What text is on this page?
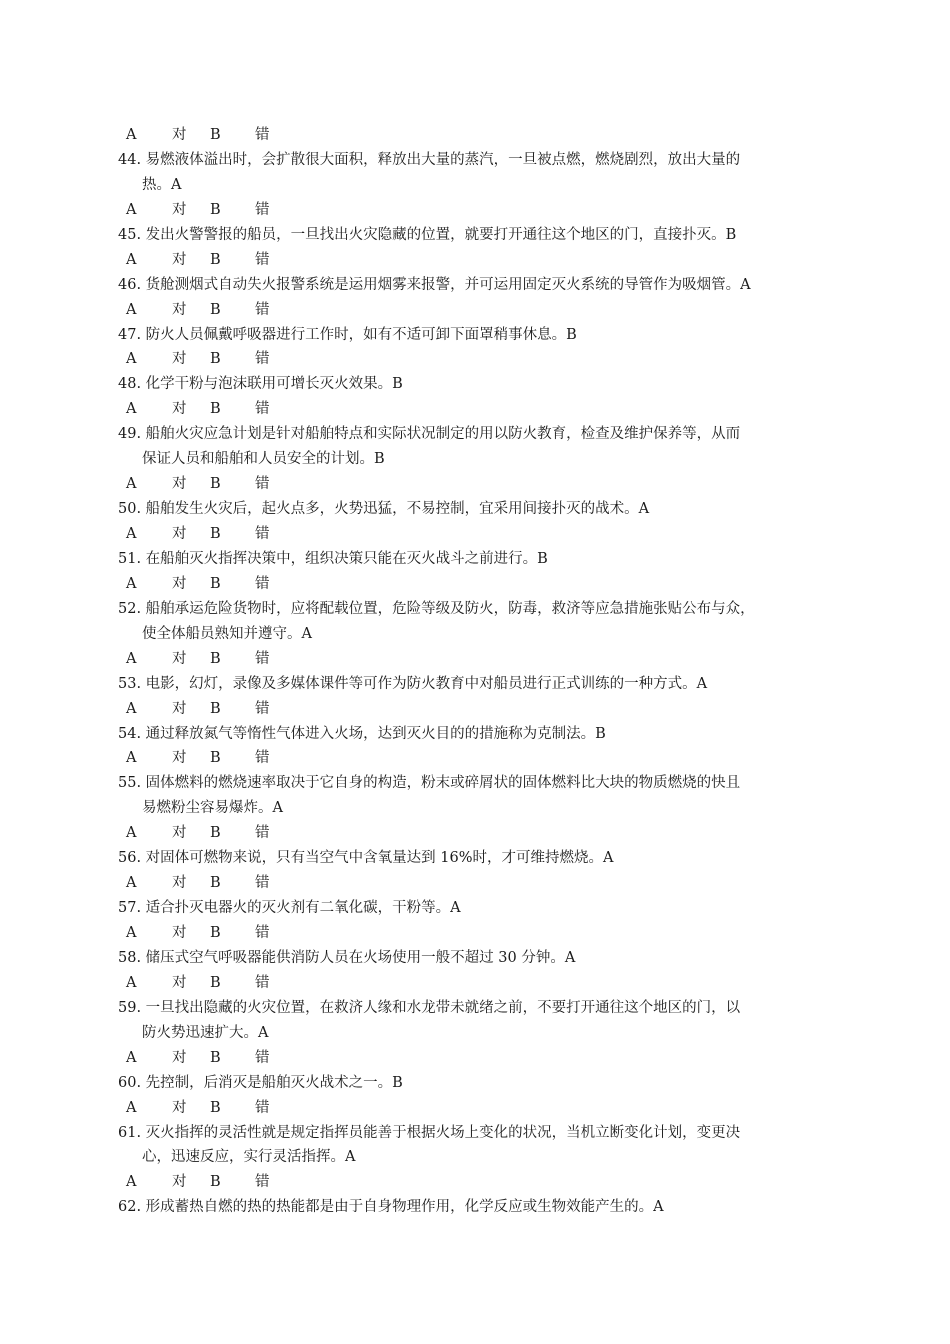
A 对 B 错
44. 易燃液体溢出时，会扩散很大面积，释放出大量的蒸汽，一旦被点燃，燃烧剧烈，放出大量的
热。A
A 对 B 错
45. 发出火警警报的船员，一旦找出火灾隐藏的位置，就要打开通往这个地区的门，直接扑灭。B
A 对 B 错
46. 货舱测烟式自动失火报警系统是运用烟雾来报警，并可运用固定灭火系统的导管作为吸烟管。A
A 对 B 错
47. 防火人员佩戴呼吸器进行工作时，如有不适可卸下面罩稍事休息。B
A 对 B 错
48. 化学干粉与泡沫联用可增长灭火效果。B
A 对 B 错
49. 船舶火灾应急计划是针对船舶特点和实际状况制定的用以防火教育，检查及维护保养等，从而
保证人员和船舶和人员安全的计划。B
A 对 B 错
50. 船舶发生火灾后，起火点多，火势迅猛，不易控制，宜采用间接扑灭的战术。A
A 对 B 错
51. 在船舶灭火指挥决策中，组织决策只能在灭火战斗之前进行。B
A 对 B 错
52. 船舶承运危险货物时，应将配载位置，危险等级及防火，防毒，救济等应急措施张贴公布与众，
使全体船员熟知并遵守。A
A 对 B 错
53. 电影，幻灯，录像及多媒体课件等可作为防火教育中对船员进行正式训练的一种方式。A
A 对 B 错
54. 通过释放氮气等惰性气体进入火场，达到灭火目的的措施称为克制法。B
A 对 B 错
55. 固体燃料的燃烧速率取决于它自身的构造，粉末或碎屑状的固体燃料比大块的物质燃烧的快且
易燃粉尘容易爆炸。A
A 对 B 错
56. 对固体可燃物来说，只有当空气中含氧量达到 16%时，才可维持燃烧。A
A 对 B 错
57. 适合扑灭电器火的灭火剂有二氧化碳，干粉等。A
A 对 B 错
58. 储压式空气呼吸器能供消防人员在火场使用一般不超过 30 分钟。A
A 对 B 错
59. 一旦找出隐藏的火灾位置，在救济人缘和水龙带未就绪之前，不要打开通往这个地区的门，以
防火势迅速扩大。A
A 对 B 错
60. 先控制，后消灭是船舶灭火战术之一。B
A 对 B 错
61. 灭火指挥的灵活性就是规定指挥员能善于根据火场上变化的状况，当机立断变化计划，变更决
心，迅速反应，实行灵活指挥。A
A 对 B 错
62. 形成蓄热自燃的热的热能都是由于自身物理作用，化学反应或生物效能产生的。A
